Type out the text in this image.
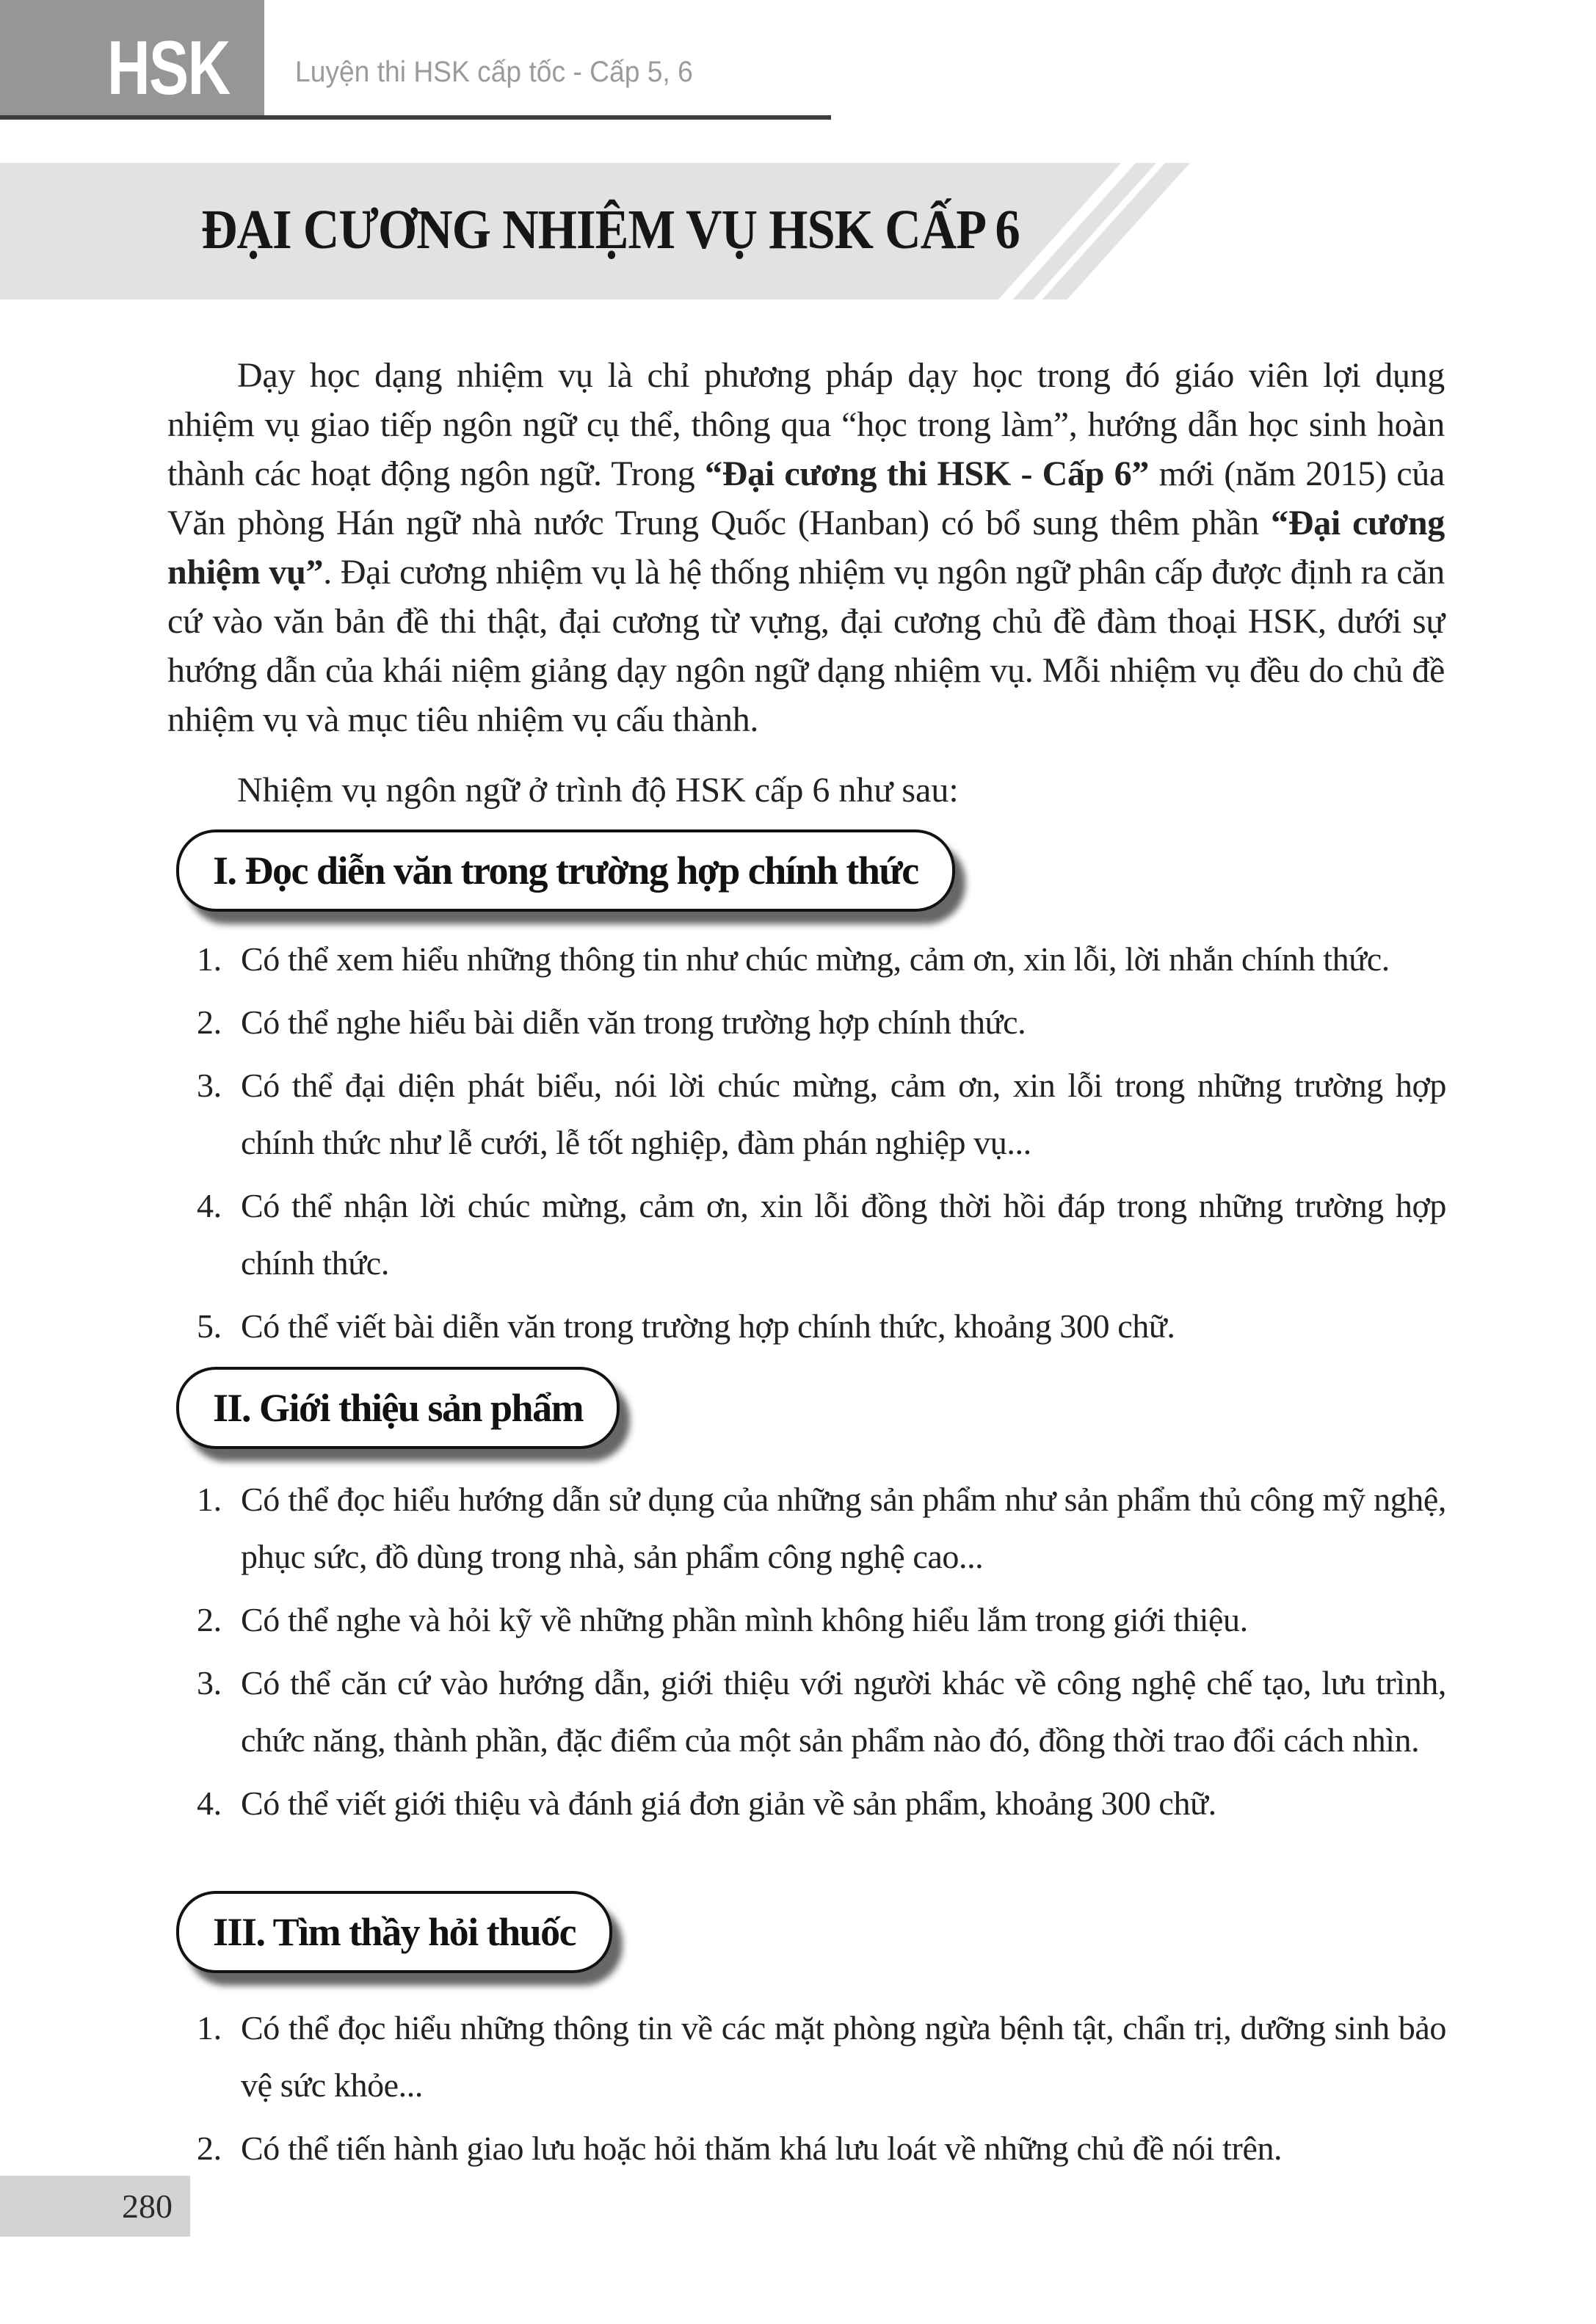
HSK Luyện thi HSK cấp tốc - Cấp 5, 6

ĐẠI CƯƠNG NHIỆM VỤ HSK CẤP 6

Dạy học dạng nhiệm vụ là chỉ phương pháp dạy học trong đó giáo viên lợi dụng nhiệm vụ giao tiếp ngôn ngữ cụ thể, thông qua “học trong làm”, hướng dẫn học sinh hoàn thành các hoạt động ngôn ngữ. Trong “Đại cương thi HSK - Cấp 6” mới (năm 2015) của Văn phòng Hán ngữ nhà nước Trung Quốc (Hanban) có bổ sung thêm phần “Đại cương nhiệm vụ”. Đại cương nhiệm vụ là hệ thống nhiệm vụ ngôn ngữ phân cấp được định ra căn cứ vào văn bản đề thi thật, đại cương từ vựng, đại cương chủ đề đàm thoại HSK, dưới sự hướng dẫn của khái niệm giảng dạy ngôn ngữ dạng nhiệm vụ. Mỗi nhiệm vụ đều do chủ đề nhiệm vụ và mục tiêu nhiệm vụ cấu thành.

Nhiệm vụ ngôn ngữ ở trình độ HSK cấp 6 như sau:

I. Đọc diễn văn trong trường hợp chính thức
1. Có thể xem hiểu những thông tin như chúc mừng, cảm ơn, xin lỗi, lời nhắn chính thức.
2. Có thể nghe hiểu bài diễn văn trong trường hợp chính thức.
3. Có thể đại diện phát biểu, nói lời chúc mừng, cảm ơn, xin lỗi trong những trường hợp chính thức như lễ cưới, lễ tốt nghiệp, đàm phán nghiệp vụ...
4. Có thể nhận lời chúc mừng, cảm ơn, xin lỗi đồng thời hồi đáp trong những trường hợp chính thức.
5. Có thể viết bài diễn văn trong trường hợp chính thức, khoảng 300 chữ.
II. Giới thiệu sản phẩm
1. Có thể đọc hiểu hướng dẫn sử dụng của những sản phẩm như sản phẩm thủ công mỹ nghệ, phục sức, đồ dùng trong nhà, sản phẩm công nghệ cao...
2. Có thể nghe và hỏi kỹ về những phần mình không hiểu lắm trong giới thiệu.
3. Có thể căn cứ vào hướng dẫn, giới thiệu với người khác về công nghệ chế tạo, lưu trình, chức năng, thành phần, đặc điểm của một sản phẩm nào đó, đồng thời trao đổi cách nhìn.
4. Có thể viết giới thiệu và đánh giá đơn giản về sản phẩm, khoảng 300 chữ.
III. Tìm thầy hỏi thuốc
1. Có thể đọc hiểu những thông tin về các mặt phòng ngừa bệnh tật, chẩn trị, dưỡng sinh bảo vệ sức khỏe...
2. Có thể tiến hành giao lưu hoặc hỏi thăm khá lưu loát về những chủ đề nói trên.
280
